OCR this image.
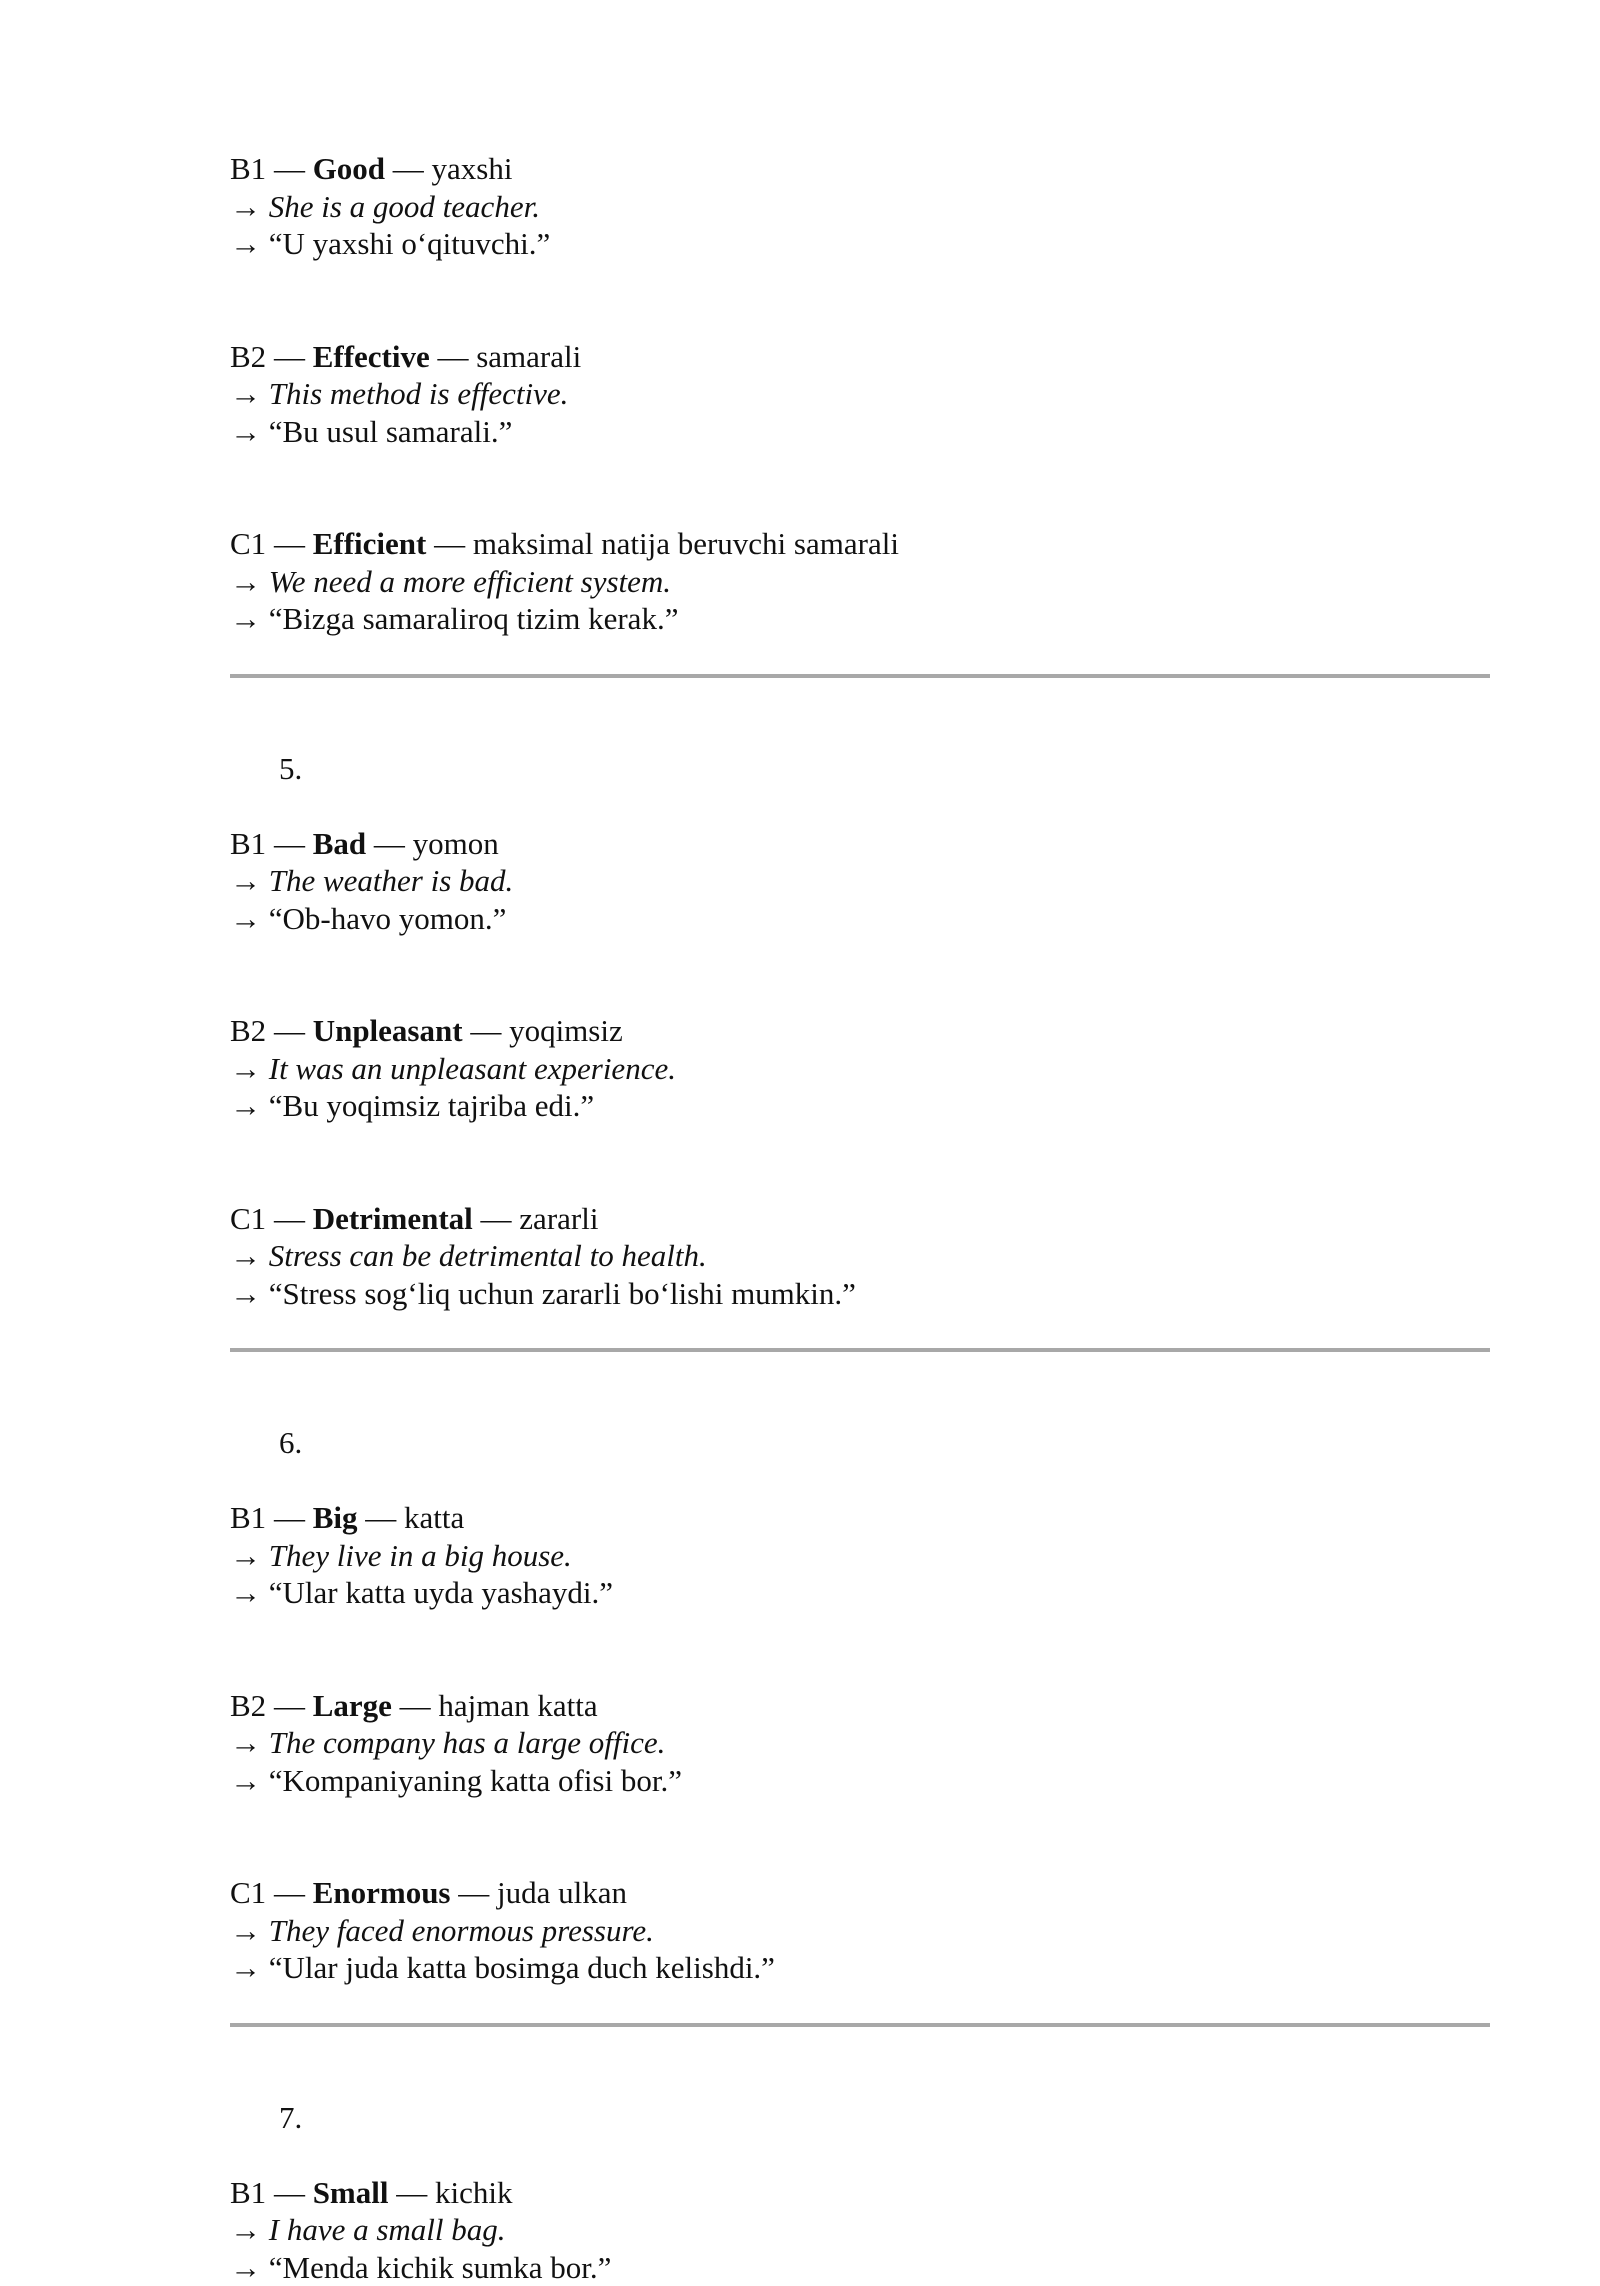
B1 — Good — yaxshi
→ She is a good teacher.
→ “U yaxshi o‘qituvchi.”
B2 — Effective — samarali
→ This method is effective.
→ “Bu usul samarali.”
C1 — Efficient — maksimal natija beruvchi samarali
→ We need a more efficient system.
→ “Bizga samaraliroq tizim kerak.”
5.
B1 — Bad — yomon
→ The weather is bad.
→ “Ob-havo yomon.”
B2 — Unpleasant — yoqimsiz
→ It was an unpleasant experience.
→ “Bu yoqimsiz tajriba edi.”
C1 — Detrimental — zararli
→ Stress can be detrimental to health.
→ “Stress sog‘liq uchun zararli bo‘lishi mumkin.”
6.
B1 — Big — katta
→ They live in a big house.
→ “Ular katta uyda yashaydi.”
B2 — Large — hajman katta
→ The company has a large office.
→ “Kompaniyaning katta ofisi bor.”
C1 — Enormous — juda ulkan
→ They faced enormous pressure.
→ “Ular juda katta bosimga duch kelishdi.”
7.
B1 — Small — kichik
→ I have a small bag.
→ “Menda kichik sumka bor.”
